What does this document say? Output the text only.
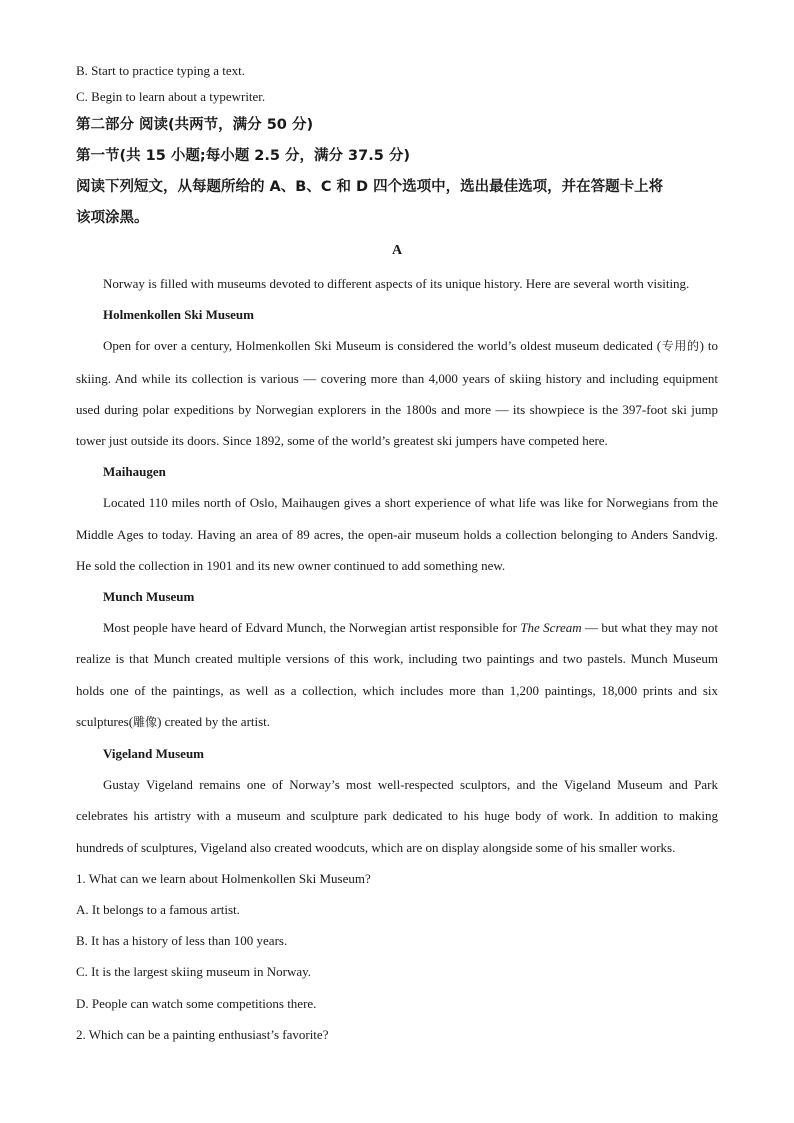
B. Start to practice typing a text.
C. Begin to learn about a typewriter.
第二部分 阅读(共两节，满分 50 分)
第一节(共 15 小题;每小题 2.5 分，满分 37.5 分)
阅读下列短文，从每题所给的 A、B、C 和 D 四个选项中，选出最佳选项，并在答题卡上将
该项涂黑。
A
Norway is filled with museums devoted to different aspects of its unique history. Here are several worth visiting.
Holmenkollen Ski Museum
Open for over a century, Holmenkollen Ski Museum is considered the world’s oldest museum dedicated (专用的) to skiing. And while its collection is various — covering more than 4,000 years of skiing history and including equipment used during polar expeditions by Norwegian explorers in the 1800s and more — its showpiece is the 397-foot ski jump tower just outside its doors. Since 1892, some of the world’s greatest ski jumpers have competed here.
Maihaugen
Located 110 miles north of Oslo, Maihaugen gives a short experience of what life was like for Norwegians from the Middle Ages to today. Having an area of 89 acres, the open-air museum holds a collection belonging to Anders Sandvig. He sold the collection in 1901 and its new owner continued to add something new.
Munch Museum
Most people have heard of Edvard Munch, the Norwegian artist responsible for The Scream — but what they may not realize is that Munch created multiple versions of this work, including two paintings and two pastels. Munch Museum holds one of the paintings, as well as a collection, which includes more than 1,200 paintings, 18,000 prints and six sculptures(雕像) created by the artist.
Vigeland Museum
Gustay Vigeland remains one of Norway’s most well-respected sculptors, and the Vigeland Museum and Park celebrates his artistry with a museum and sculpture park dedicated to his huge body of work. In addition to making hundreds of sculptures, Vigeland also created woodcuts, which are on display alongside some of his smaller works.
1. What can we learn about Holmenkollen Ski Museum?
A. It belongs to a famous artist.
B. It has a history of less than 100 years.
C. It is the largest skiing museum in Norway.
D. People can watch some competitions there.
2. Which can be a painting enthusiast’s favorite?
